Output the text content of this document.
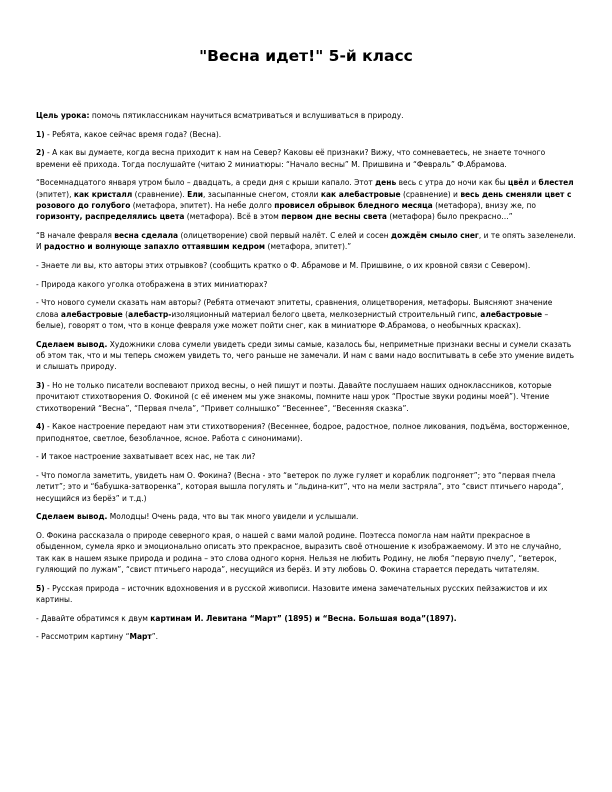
"Весна идет!" 5-й класс

Цель урока: помочь пятиклассникам научиться всматриваться и вслушиваться в природу.

1) - Ребята, какое сейчас время года? (Весна).

2) - А как вы думаете, когда весна приходит к нам на Север? Каковы её признаки? Вижу, что сомневаетесь, не знаете точного времени её прихода. Тогда послушайте (читаю 2 миниатюры: “Начало весны” М. Пришвина и “Февраль” Ф.Абрамова.

“Восемнадцатого января утром было – двадцать, а среди дня с крыши капало. Этот день весь с утра до ночи как бы цвёл и блестел (эпитет), как кристалл (сравнение). Ели, засыпанные снегом, стояли как алебастровые (сравнение) и весь день сменяли цвет с розового до голубого (метафора, эпитет). На небе долго провисел обрывок бледного месяца (метафора), внизу же, по горизонту, распределялись цвета (метафора). Всё в этом первом дне весны света (метафора) было прекрасно…”

“В начале февраля весна сделала (олицетворение) свой первый налёт. С елей и сосен дождём смыло снег, и те опять зазеленели. И радостно и волнующе запахло оттаявшим кедром (метафора, эпитет).”

- Знаете ли вы, кто авторы этих отрывков? (сообщить кратко о Ф. Абрамове и М. Пришвине, о их кровной связи с Севером).

- Природа какого уголка отображена в этих миниатюрах?

- Что нового сумели сказать нам авторы? (Ребята отмечают эпитеты, сравнения, олицетворения, метафоры. Выясняют значение слова алебастровые (алебастр-изоляционный материал белого цвета, мелкозернистый строительный гипс, алебастровые – белые), говорят о том, что в конце февраля уже может пойти снег, как в миниатюре Ф.Абрамова, о необычных красках).

Сделаем вывод. Художники слова сумели увидеть среди зимы самые, казалось бы, неприметные признаки весны и сумели сказать об этом так, что и мы теперь сможем увидеть то, чего раньше не замечали. И нам с вами надо воспитывать в себе это умение видеть и слышать природу.

3) - Но не только писатели воспевают приход весны, о ней пишут и поэты. Давайте послушаем наших одноклассников, которые прочитают стихотворения О. Фокиной (с её именем мы уже знакомы, помните наш урок “Простые звуки родины моей”). Чтение стихотворений “Весна”, “Первая пчела”, “Привет солнышко” “Весеннее”, “Весенняя сказка”.

4) - Какое настроение передают нам эти стихотворения? (Весеннее, бодрое, радостное, полное ликования, подъёма, восторженное, приподнятое, светлое, безоблачное, ясное. Работа с синонимами).

- И такое настроение захватывает всех нас, не так ли?

- Что помогла заметить, увидеть нам О. Фокина? (Весна - это “ветерок по луже гуляет и кораблик подгоняет”; это “первая пчела летит”; это и “бабушка-затворенка”, которая вышла погулять и “льдина-кит”, что на мели застряла”, это “свист птичьего народа”, несущийся из берёз” и т.д.)

Сделаем вывод. Молодцы! Очень рада, что вы так много увидели и услышали.

О. Фокина рассказала о природе северного края, о нашей с вами малой родине. Поэтесса помогла нам найти прекрасное в обыденном, сумела ярко и эмоционально описать это прекрасное, выразить своё отношение к изображаемому. И это не случайно, так как в нашем языке природа и родина – это слова одного корня. Нельзя не любить Родину, не любя “первую пчелу”, “ветерок, гуляющий по лужам”, “свист птичьего народа”, несущийся из берёз. И эту любовь О. Фокина старается передать читателям.

5) - Русская природа – источник вдохновения и в русской живописи. Назовите имена замечательных русских пейзажистов и их картины.

- Давайте обратимся к двум картинам И. Левитана “Март” (1895) и “Весна. Большая вода”(1897).

- Рассмотрим картину “Март”.
